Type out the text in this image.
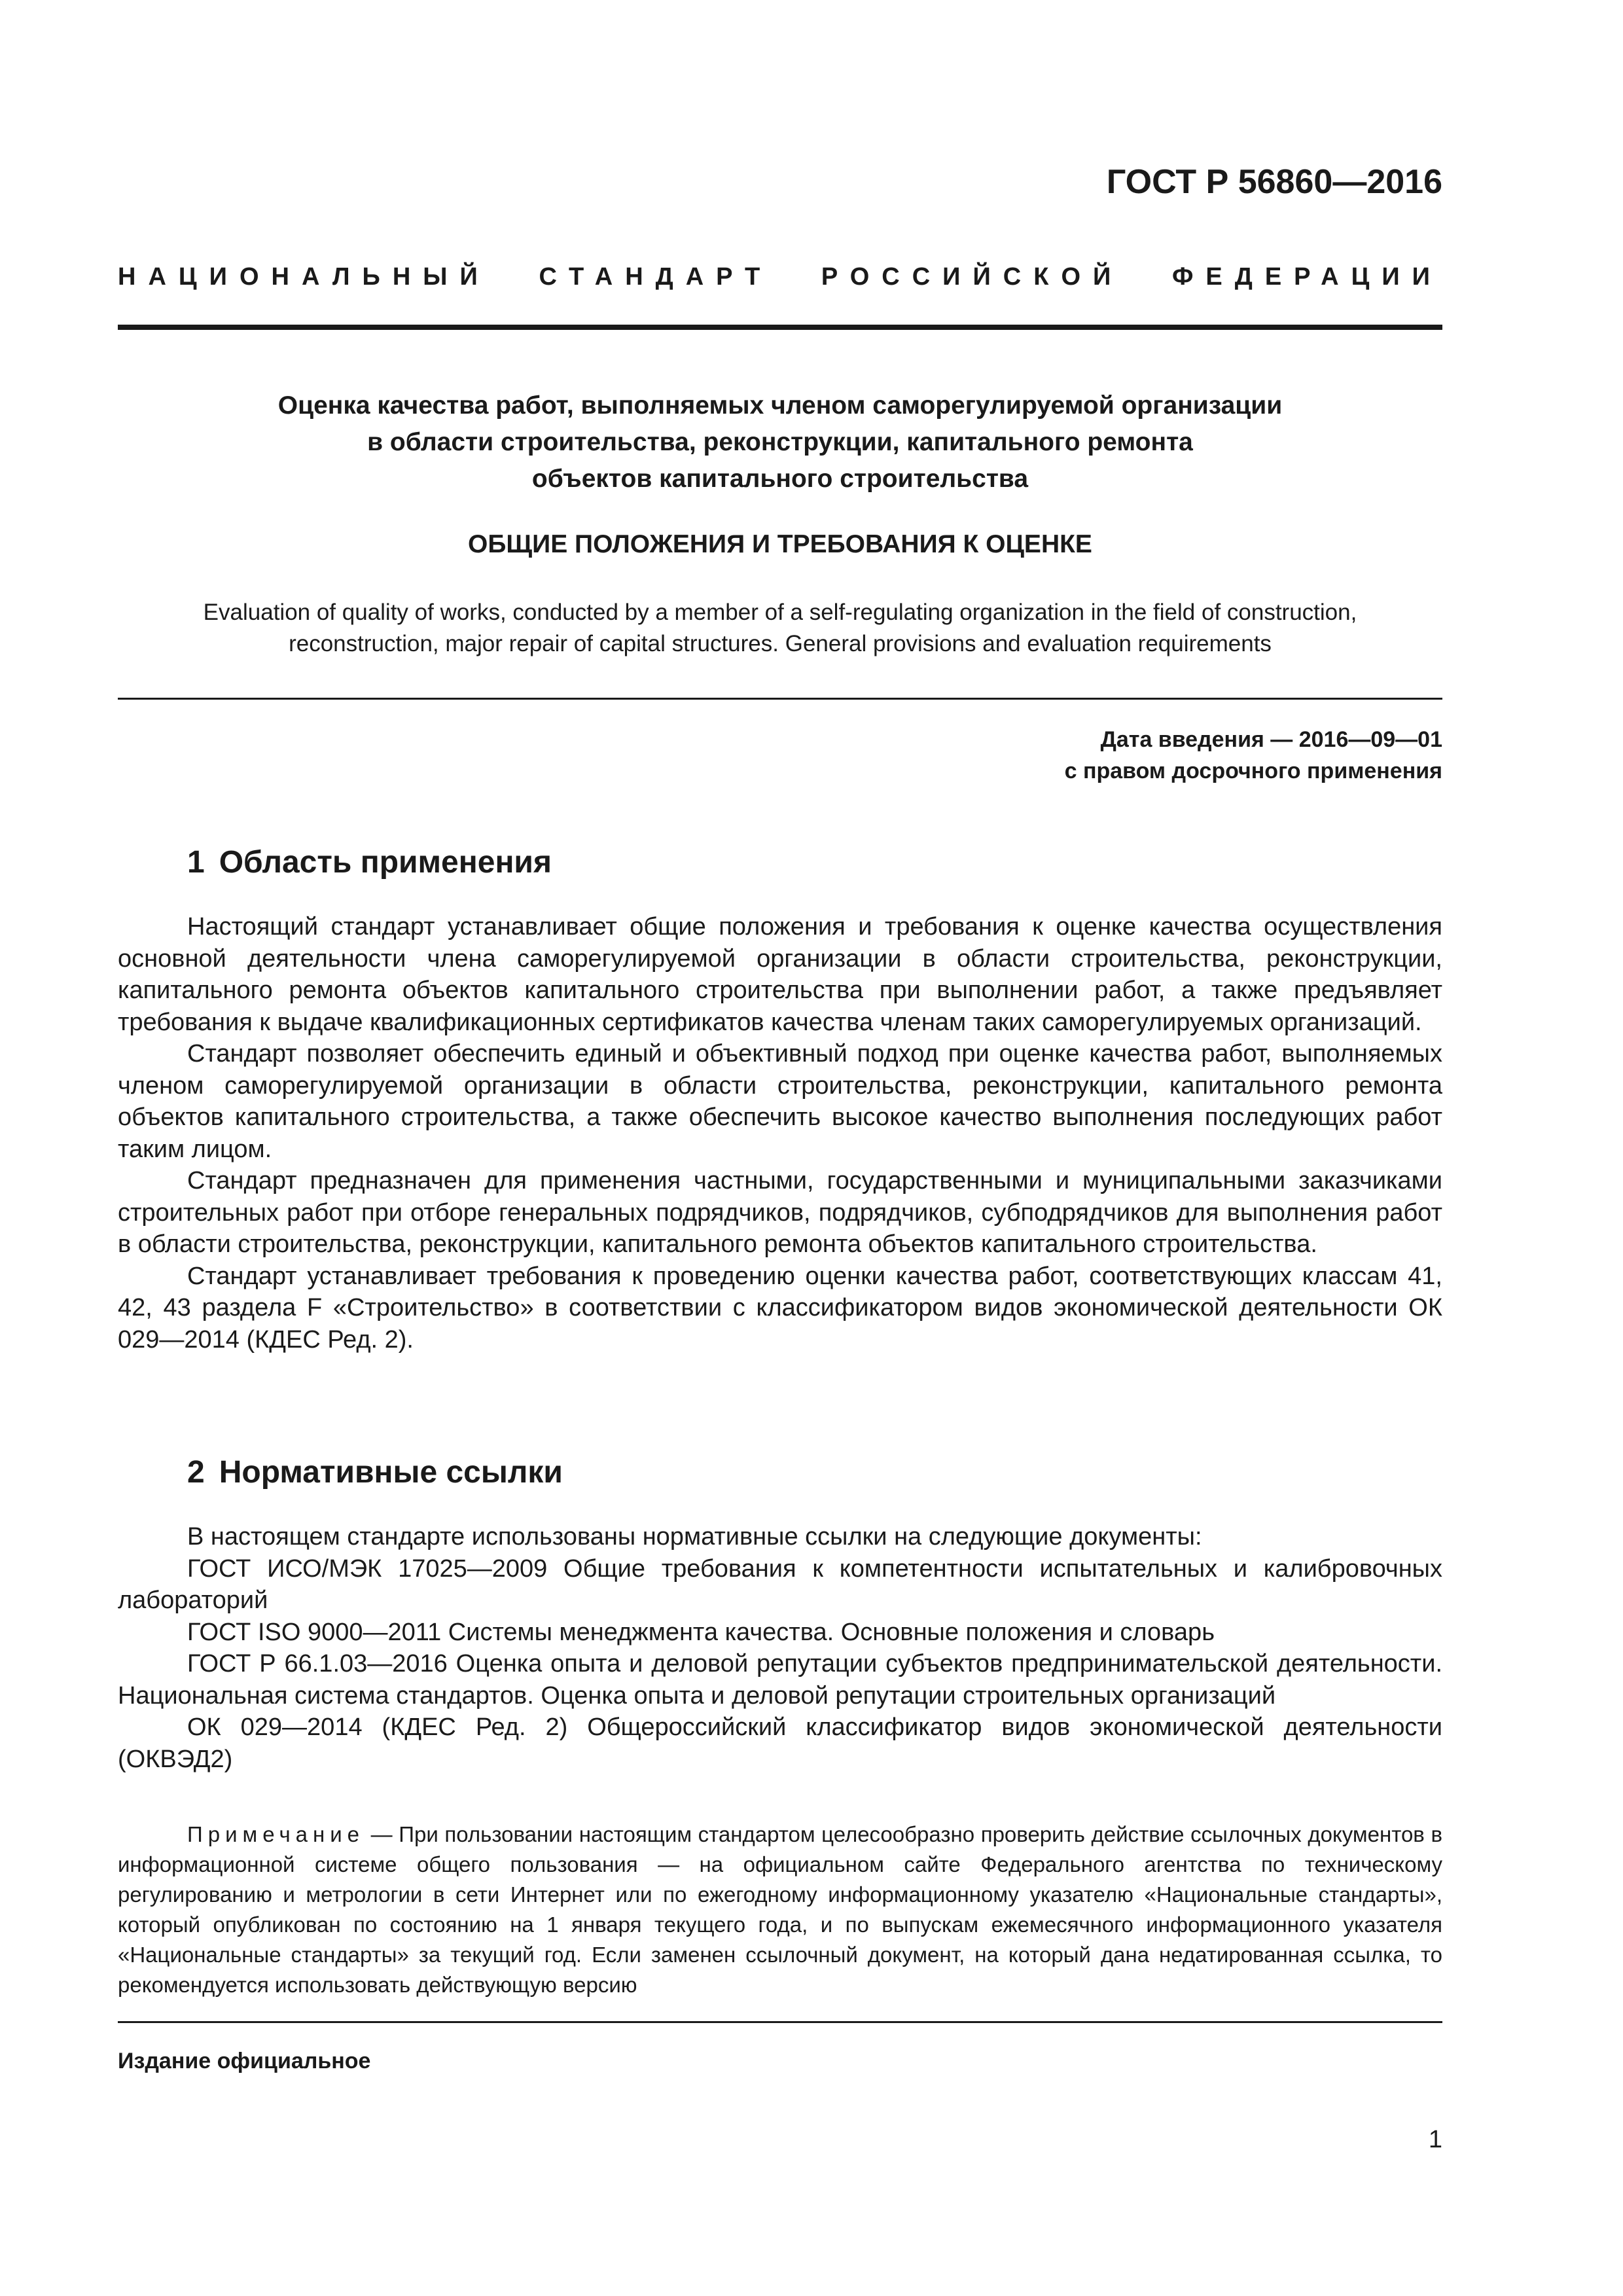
ГОСТ Р 56860—2016
НАЦИОНАЛЬНЫЙ СТАНДАРТ РОССИЙСКОЙ ФЕДЕРАЦИИ
Оценка качества работ, выполняемых членом саморегулируемой организации
в области строительства, реконструкции, капитального ремонта
объектов капитального строительства
ОБЩИЕ ПОЛОЖЕНИЯ И ТРЕБОВАНИЯ К ОЦЕНКЕ
Evaluation of quality of works, conducted by a member of a self-regulating organization in the field of construction,
reconstruction, major repair of capital structures. General provisions and evaluation requirements
Дата введения — 2016—09—01
с правом досрочного применения
1 Область применения

Настоящий стандарт устанавливает общие положения и требования к оценке качества осуществления основной деятельности члена саморегулируемой организации в области строительства, реконструкции, капитального ремонта объектов капитального строительства при выполнении работ, а также предъявляет требования к выдаче квалификационных сертификатов качества членам таких саморегулируемых организаций.

Стандарт позволяет обеспечить единый и объективный подход при оценке качества работ, выполняемых членом саморегулируемой организации в области строительства, реконструкции, капитального ремонта объектов капитального строительства, а также обеспечить высокое качество выполнения последующих работ таким лицом.

Стандарт предназначен для применения частными, государственными и муниципальными заказчиками строительных работ при отборе генеральных подрядчиков, подрядчиков, субподрядчиков для выполнения работ в области строительства, реконструкции, капитального ремонта объектов капитального строительства.

Стандарт устанавливает требования к проведению оценки качества работ, соответствующих классам 41, 42, 43 раздела F «Строительство» в соответствии с классификатором видов экономической деятельности ОК 029—2014 (КДЕС Ред. 2).

2 Нормативные ссылки

В настоящем стандарте использованы нормативные ссылки на следующие документы:

ГОСТ ИСО/МЭК 17025—2009 Общие требования к компетентности испытательных и калибровочных лабораторий

ГОСТ ISO 9000—2011 Системы менеджмента качества. Основные положения и словарь

ГОСТ Р 66.1.03—2016 Оценка опыта и деловой репутации субъектов предпринимательской деятельности. Национальная система стандартов. Оценка опыта и деловой репутации строительных организаций

ОК 029—2014 (КДЕС Ред. 2) Общероссийский классификатор видов экономической деятельности (ОКВЭД2)

Примечание — При пользовании настоящим стандартом целесообразно проверить действие ссылочных документов в информационной системе общего пользования — на официальном сайте Федерального агентства по техническому регулированию и метрологии в сети Интернет или по ежегодному информационному указателю «Национальные стандарты», который опубликован по состоянию на 1 января текущего года, и по выпускам ежемесячного информационного указателя «Национальные стандарты» за текущий год. Если заменен ссылочный документ, на который дана недатированная ссылка, то рекомендуется использовать действующую версию
Издание официальное
1
